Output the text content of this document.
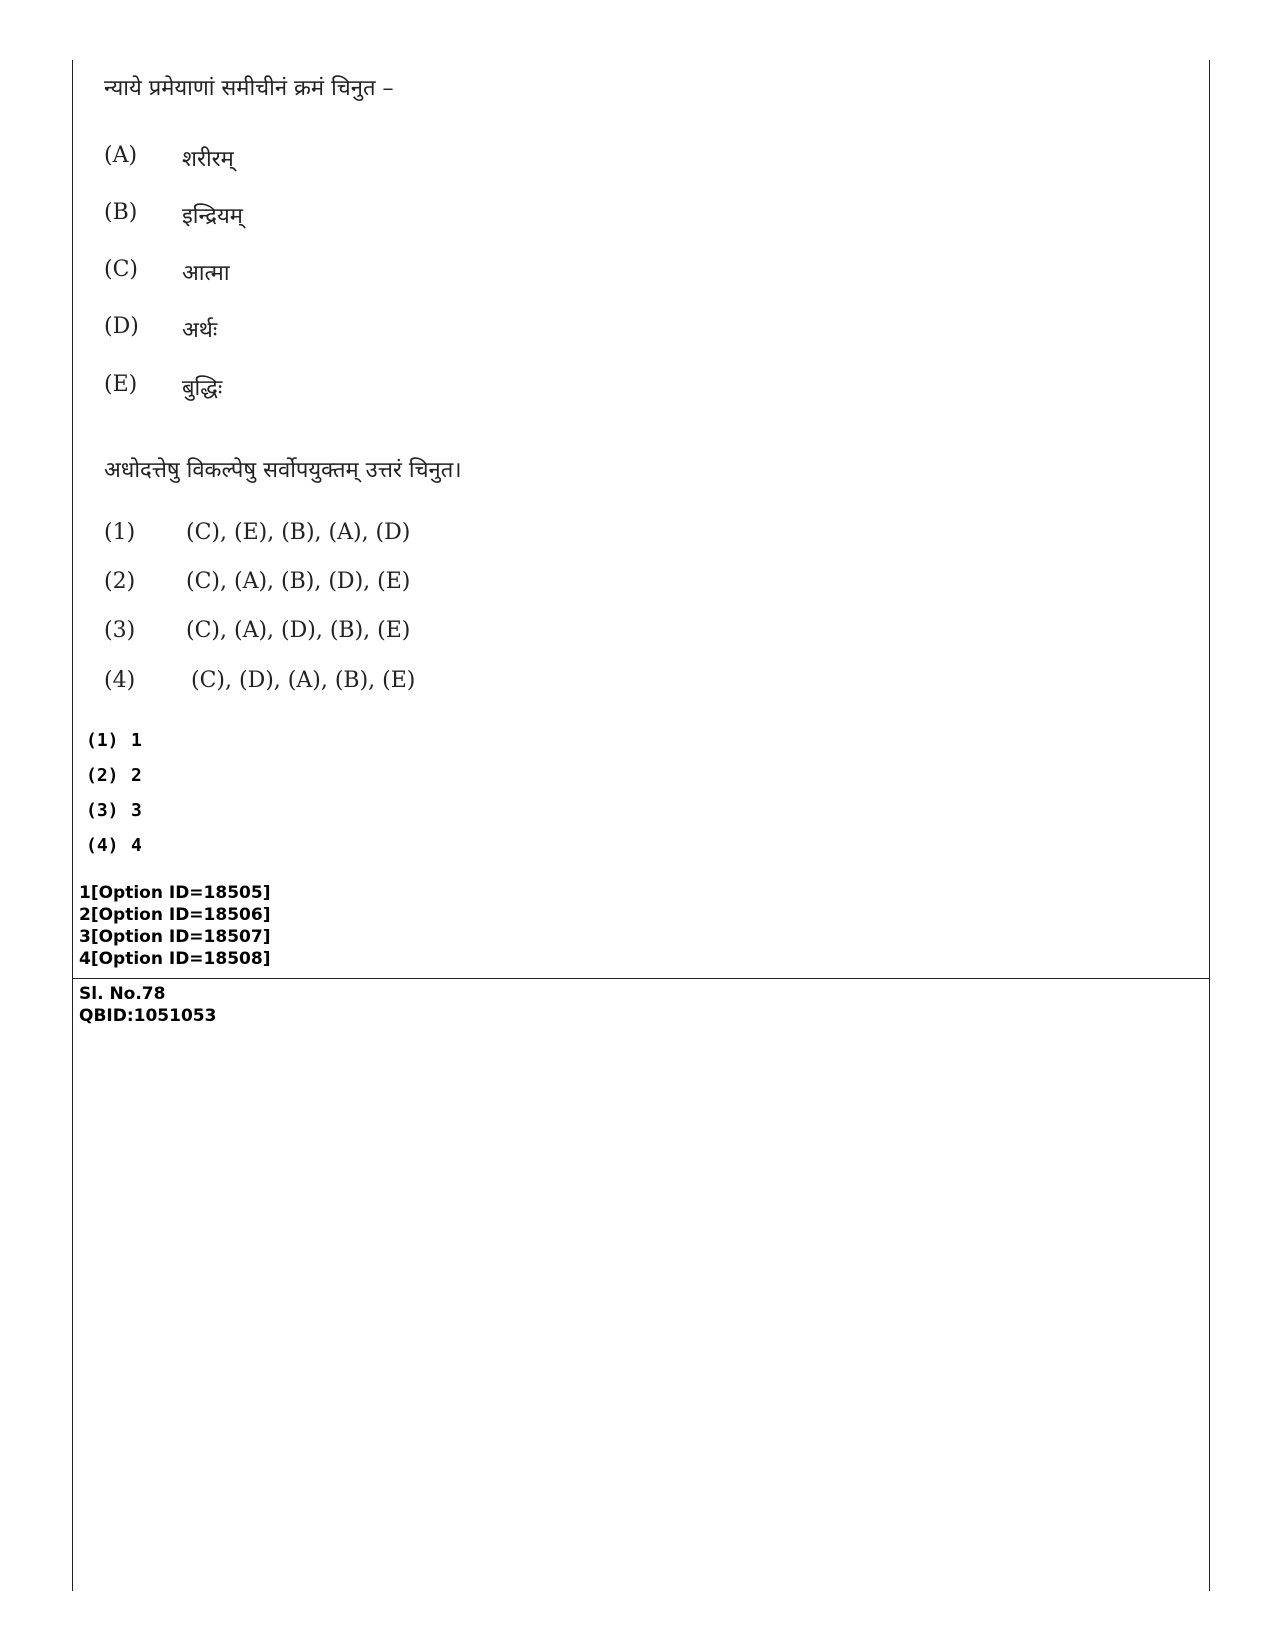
न्याये प्रमेयाणां समीचीनं क्रमं चिनुत –
(A)	शरीरम्
(B)	इन्द्रियम्
(C)	आत्मा
(D)	अर्थः
(E)	बुद्धिः
अधोदत्तेषु विकल्पेषु सर्वोपयुक्तम् उत्तरं चिनुत।
(1)	(C), (E), (B), (A), (D)
(2)	(C), (A), (B), (D), (E)
(3)	(C), (A), (D), (B), (E)
(4)	(C), (D), (A), (B), (E)
(1) 1
(2) 2
(3) 3
(4) 4
1[Option ID=18505]
2[Option ID=18506]
3[Option ID=18507]
4[Option ID=18508]
Sl. No.78
QBID:1051053
